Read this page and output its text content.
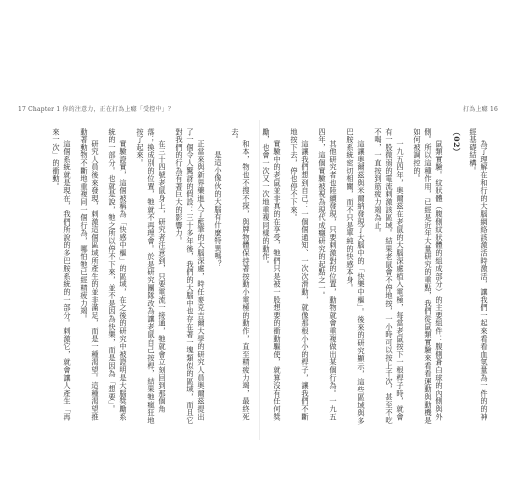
17 Chapter 1 你的注意力，正在打為上癮「受控中」？	打為上癮 16

為了理解在和行的大腦網絡該激活時激活，讓我們一起來看看血氫量為一件的的神經基礎結構。

（02）

鼠類實驗。紋狀體（腹側紋狀體的組成部分）的主要組件：腹側蒼白球的內側與外側。所以這種作用，已經是近年大量研究的重點，我們從鼠類實驗來看看運動與動機是如何被調控的。

一九五四年，奧爾茲在老鼠的大腦深處植入電極，每當老鼠按下一根桿子時，就會有一股微弱的電流刺激該區域。結果老鼠會不停地按，一小時可以按上千次，甚至不吃不喝，一直按到筋疲力竭為止。

這讓奧爾茲與米爾納發現了大腦中的「快樂中樞」。後來的研究顯示，這些區域與多巴胺系統密切相關，而不只是單純的快感本身。

其他研究者也陸續發現，只要刺激對的位置，動物就會重複做出某個行為。一九五四年，這個實驗被視為現代成癮研究的起點之一。

這讓我們想到自己：一個個通知、一次次滑動，就像那根小小的桿子，讓我們不斷地按下去，停也停不下來。

實驗中的老鼠並非真的在享受，牠們只是被一股想要的衝動驅使，就算沒有任何獎勵，也會一次又一次地重複同樣的動作。

和本，物也不搜不探，與牌物體保持著按動小電極的動作，直至精疲力竭，最終死去。

是這小像伙的大腦有什麼特異嗎？

正當來與新界藥進入了藍筆的大腦深處，時任麥克吉爾大學的研究人員奧爾茲提出了一個令人驚訝的假設：三十多年後，我們的大腦中也存在著一塊類似的區域，而且它對我們的行為有著巨大的影響力。

在三十四號老鼠身上，研究者注意到，只要電流一接通，牠就會立刻回到那個角落；換成別的位置，牠就不再理會。於是研究團隊改為讓老鼠自己按桿，結果牠瘋狂地按了起來。

實驗證實，這個被稱為「快感中樞」的區域，在之後的研究中被證明是大腦獎勵系統的一部分。也就是說，牠之所以停不下來，並不是因為快樂，而是因為「想要」。

研究人員後來發現，刺激這個區域所產生的並非滿足，而是一種渴望。這種渴望推動著動物不斷地重複同一個行為，哪怕牠已經精疲力竭。

這個系統就是現在，我們所說的多巴胺系統的一部分。刺激它，就會讓人產生「再來一次」的衝動。
